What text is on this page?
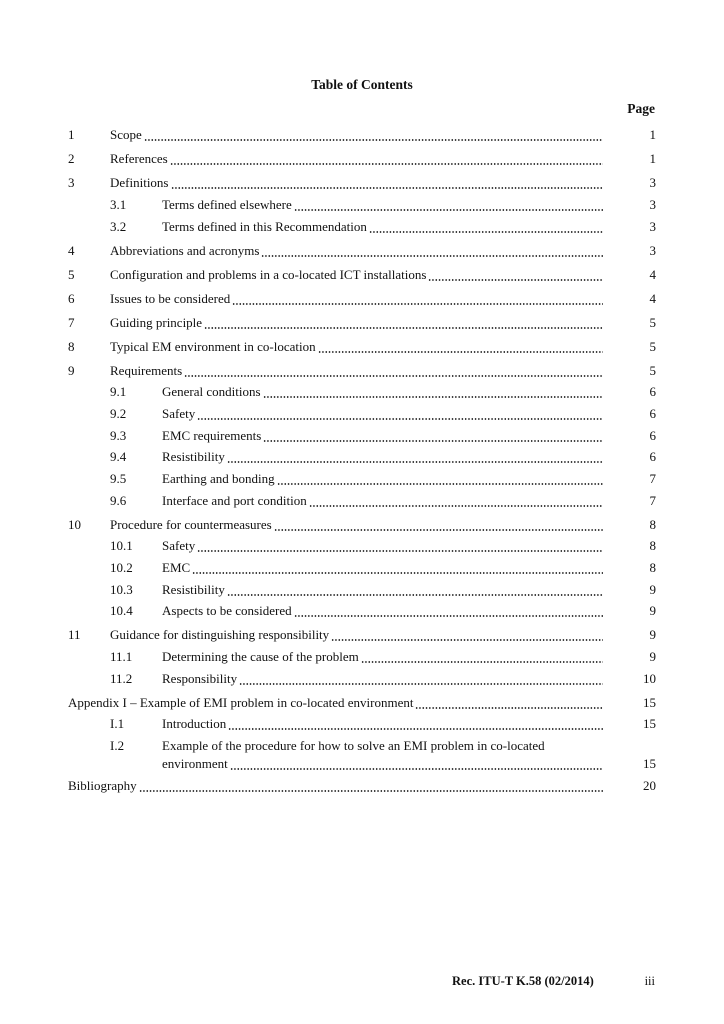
Table of Contents
Page
1	Scope	1
2	References	1
3	Definitions	3
3.1	Terms defined elsewhere	3
3.2	Terms defined in this Recommendation	3
4	Abbreviations and acronyms	3
5	Configuration and problems in a co-located ICT installations	4
6	Issues to be considered	4
7	Guiding principle	5
8	Typical EM environment in co-location	5
9	Requirements	5
9.1	General conditions	6
9.2	Safety	6
9.3	EMC requirements	6
9.4	Resistibility	6
9.5	Earthing and bonding	7
9.6	Interface and port condition	7
10	Procedure for countermeasures	8
10.1	Safety	8
10.2	EMC	8
10.3	Resistibility	9
10.4	Aspects to be considered	9
11	Guidance for distinguishing responsibility	9
11.1	Determining the cause of the problem	9
11.2	Responsibility	10
Appendix I – Example of EMI problem in co-located environment	15
I.1	Introduction	15
I.2	Example of the procedure for how to solve an EMI problem in co-located
environment	15
Bibliography	20
Rec. ITU-T K.58 (02/2014)	iii
